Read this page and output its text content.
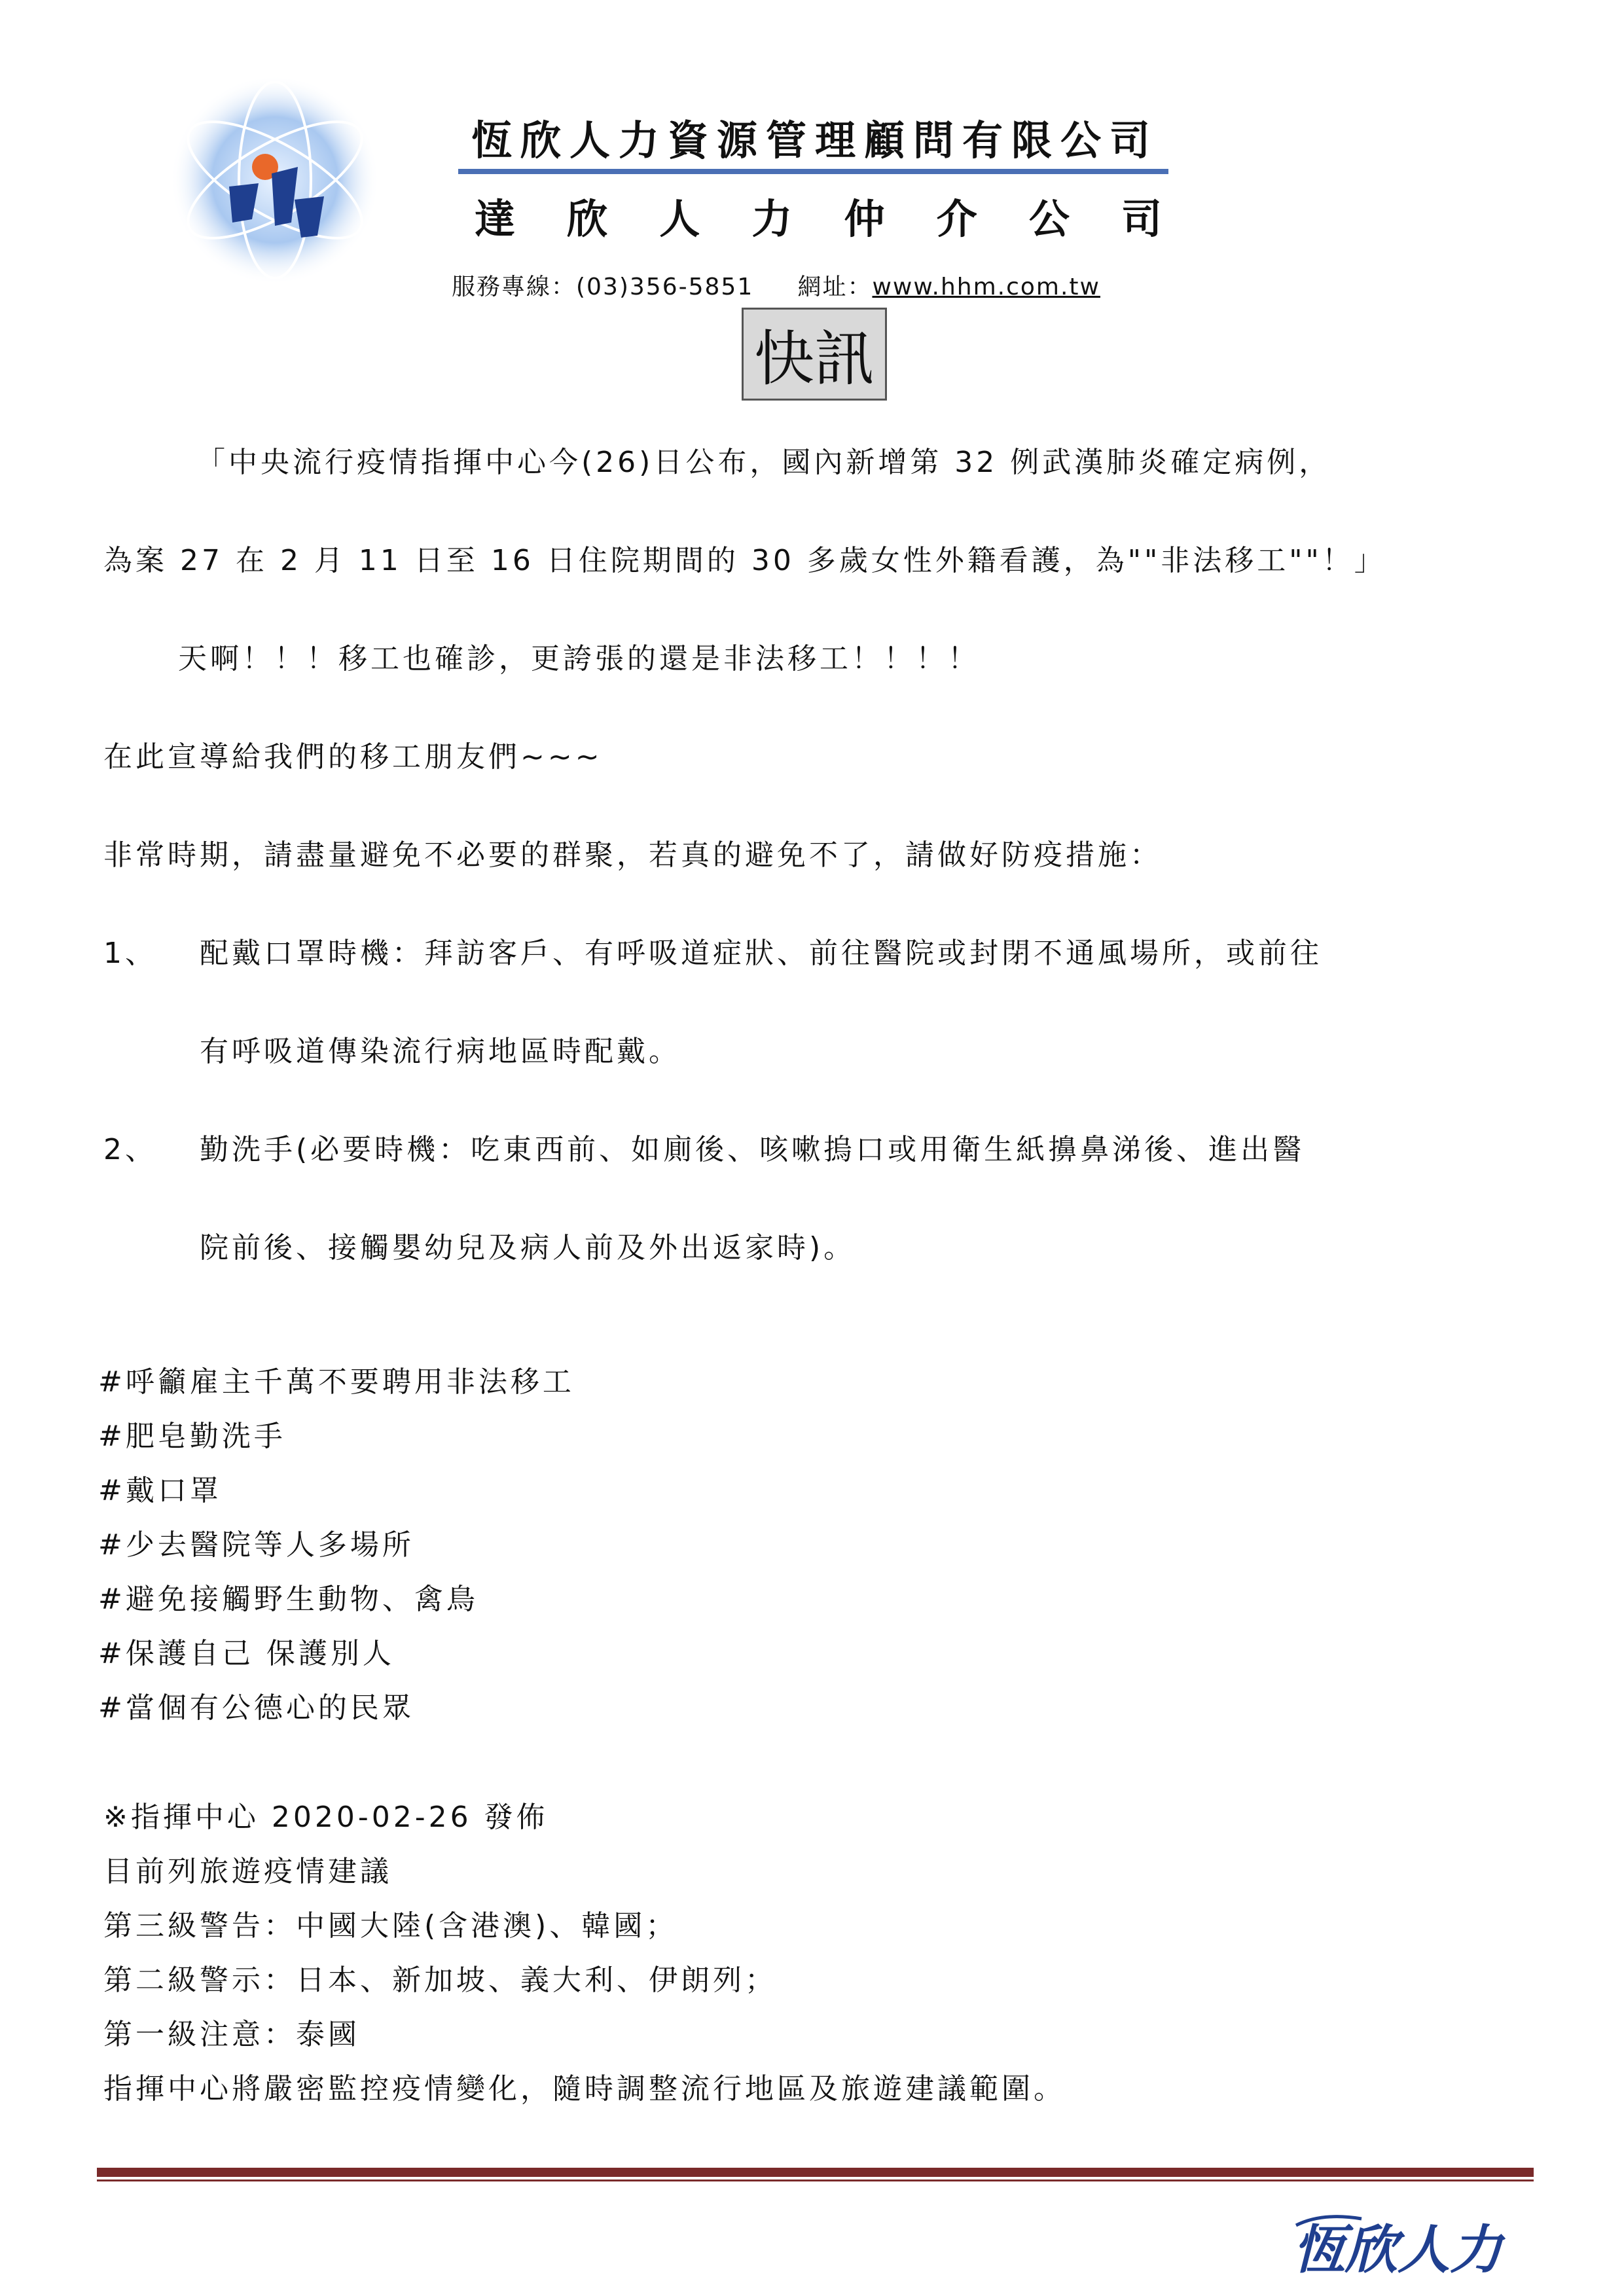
恆欣人力資源管理顧問有限公司
達 欣 人 力 仲 介 公 司
服務專線：(03)356-5851 網址：www.hhm.com.tw
快訊
「中央流行疫情指揮中心今(26)日公布，國內新增第 32 例武漢肺炎確定病例，
為案 27 在 2 月 11 日至 16 日住院期間的 30 多歲女性外籍看護，為""非法移工""！」
天啊！！！移工也確診，更誇張的還是非法移工！！！！
在此宣導給我們的移工朋友們~~~
非常時期，請盡量避免不必要的群聚，若真的避免不了，請做好防疫措施：
1、 配戴口罩時機：拜訪客戶、有呼吸道症狀、前往醫院或封閉不通風場所，或前往
有呼吸道傳染流行病地區時配戴。
2、 勤洗手(必要時機：吃東西前、如廁後、咳嗽摀口或用衛生紙擤鼻涕後、進出醫
院前後、接觸嬰幼兒及病人前及外出返家時)。
#呼籲雇主千萬不要聘用非法移工
#肥皂勤洗手
#戴口罩
#少去醫院等人多場所
#避免接觸野生動物、禽鳥
#保護自己 保護別人
#當個有公德心的民眾
※指揮中心 2020-02-26 發佈
目前列旅遊疫情建議
第三級警告：中國大陸(含港澳)、韓國；
第二級警示：日本、新加坡、義大利、伊朗列；
第一級注意：泰國
指揮中心將嚴密監控疫情變化，隨時調整流行地區及旅遊建議範圍。
恆欣人力
